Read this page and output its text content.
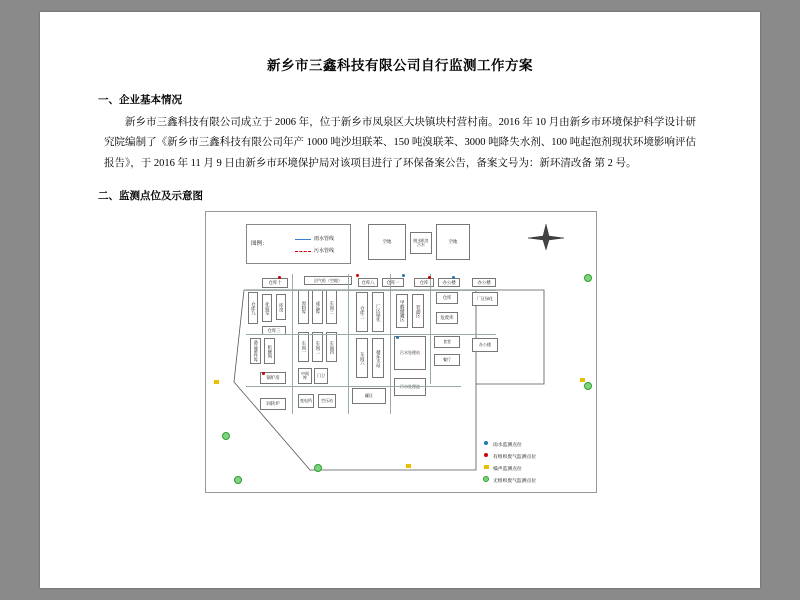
新乡市三鑫科技有限公司自行监测工作方案
一、企业基本情况
新乡市三鑫科技有限公司成立于 2006 年，位于新乡市凤泉区大块镇块村营村南。2016 年 10 月由新乡市环境保护科学设计研究院编制了《新乡市三鑫科技有限公司年产 1000 吨沙坦联苯、150 吨溴联苯、3000 吨降失水剂、100 吨起泡剂现状环境影响评估报告》，于 2016 年 11 月 9 日由新乡市环境保护局对该项目进行了环保备案公告，备案文号为：新环清改备 第 2 号。
二、监测点位及示意图
图例：
雨水管线
污水管线
空地	脱水机房污水
空地
仓库十	沼气柜（空地）	仓库八	仓库一	仓库	办公楼	办公楼
仓库九	化验室	库房
仓库三
备品备件库	机修间
锅炉房
回转炉
原料库	成品库	车间三
车间一	车间二	车间四
中间库	门卫
变电所	空压站
仓库二	厂区绿化
车间六	循环水站
罐区
甲醇储罐区	装卸区
污水处理站
污水处理池
仓库
危废库
食堂
餐厅
厂区绿化
办公楼
雨水监测点位
有组织废气监测点位
噪声监测点位
无组织废气监测点位
